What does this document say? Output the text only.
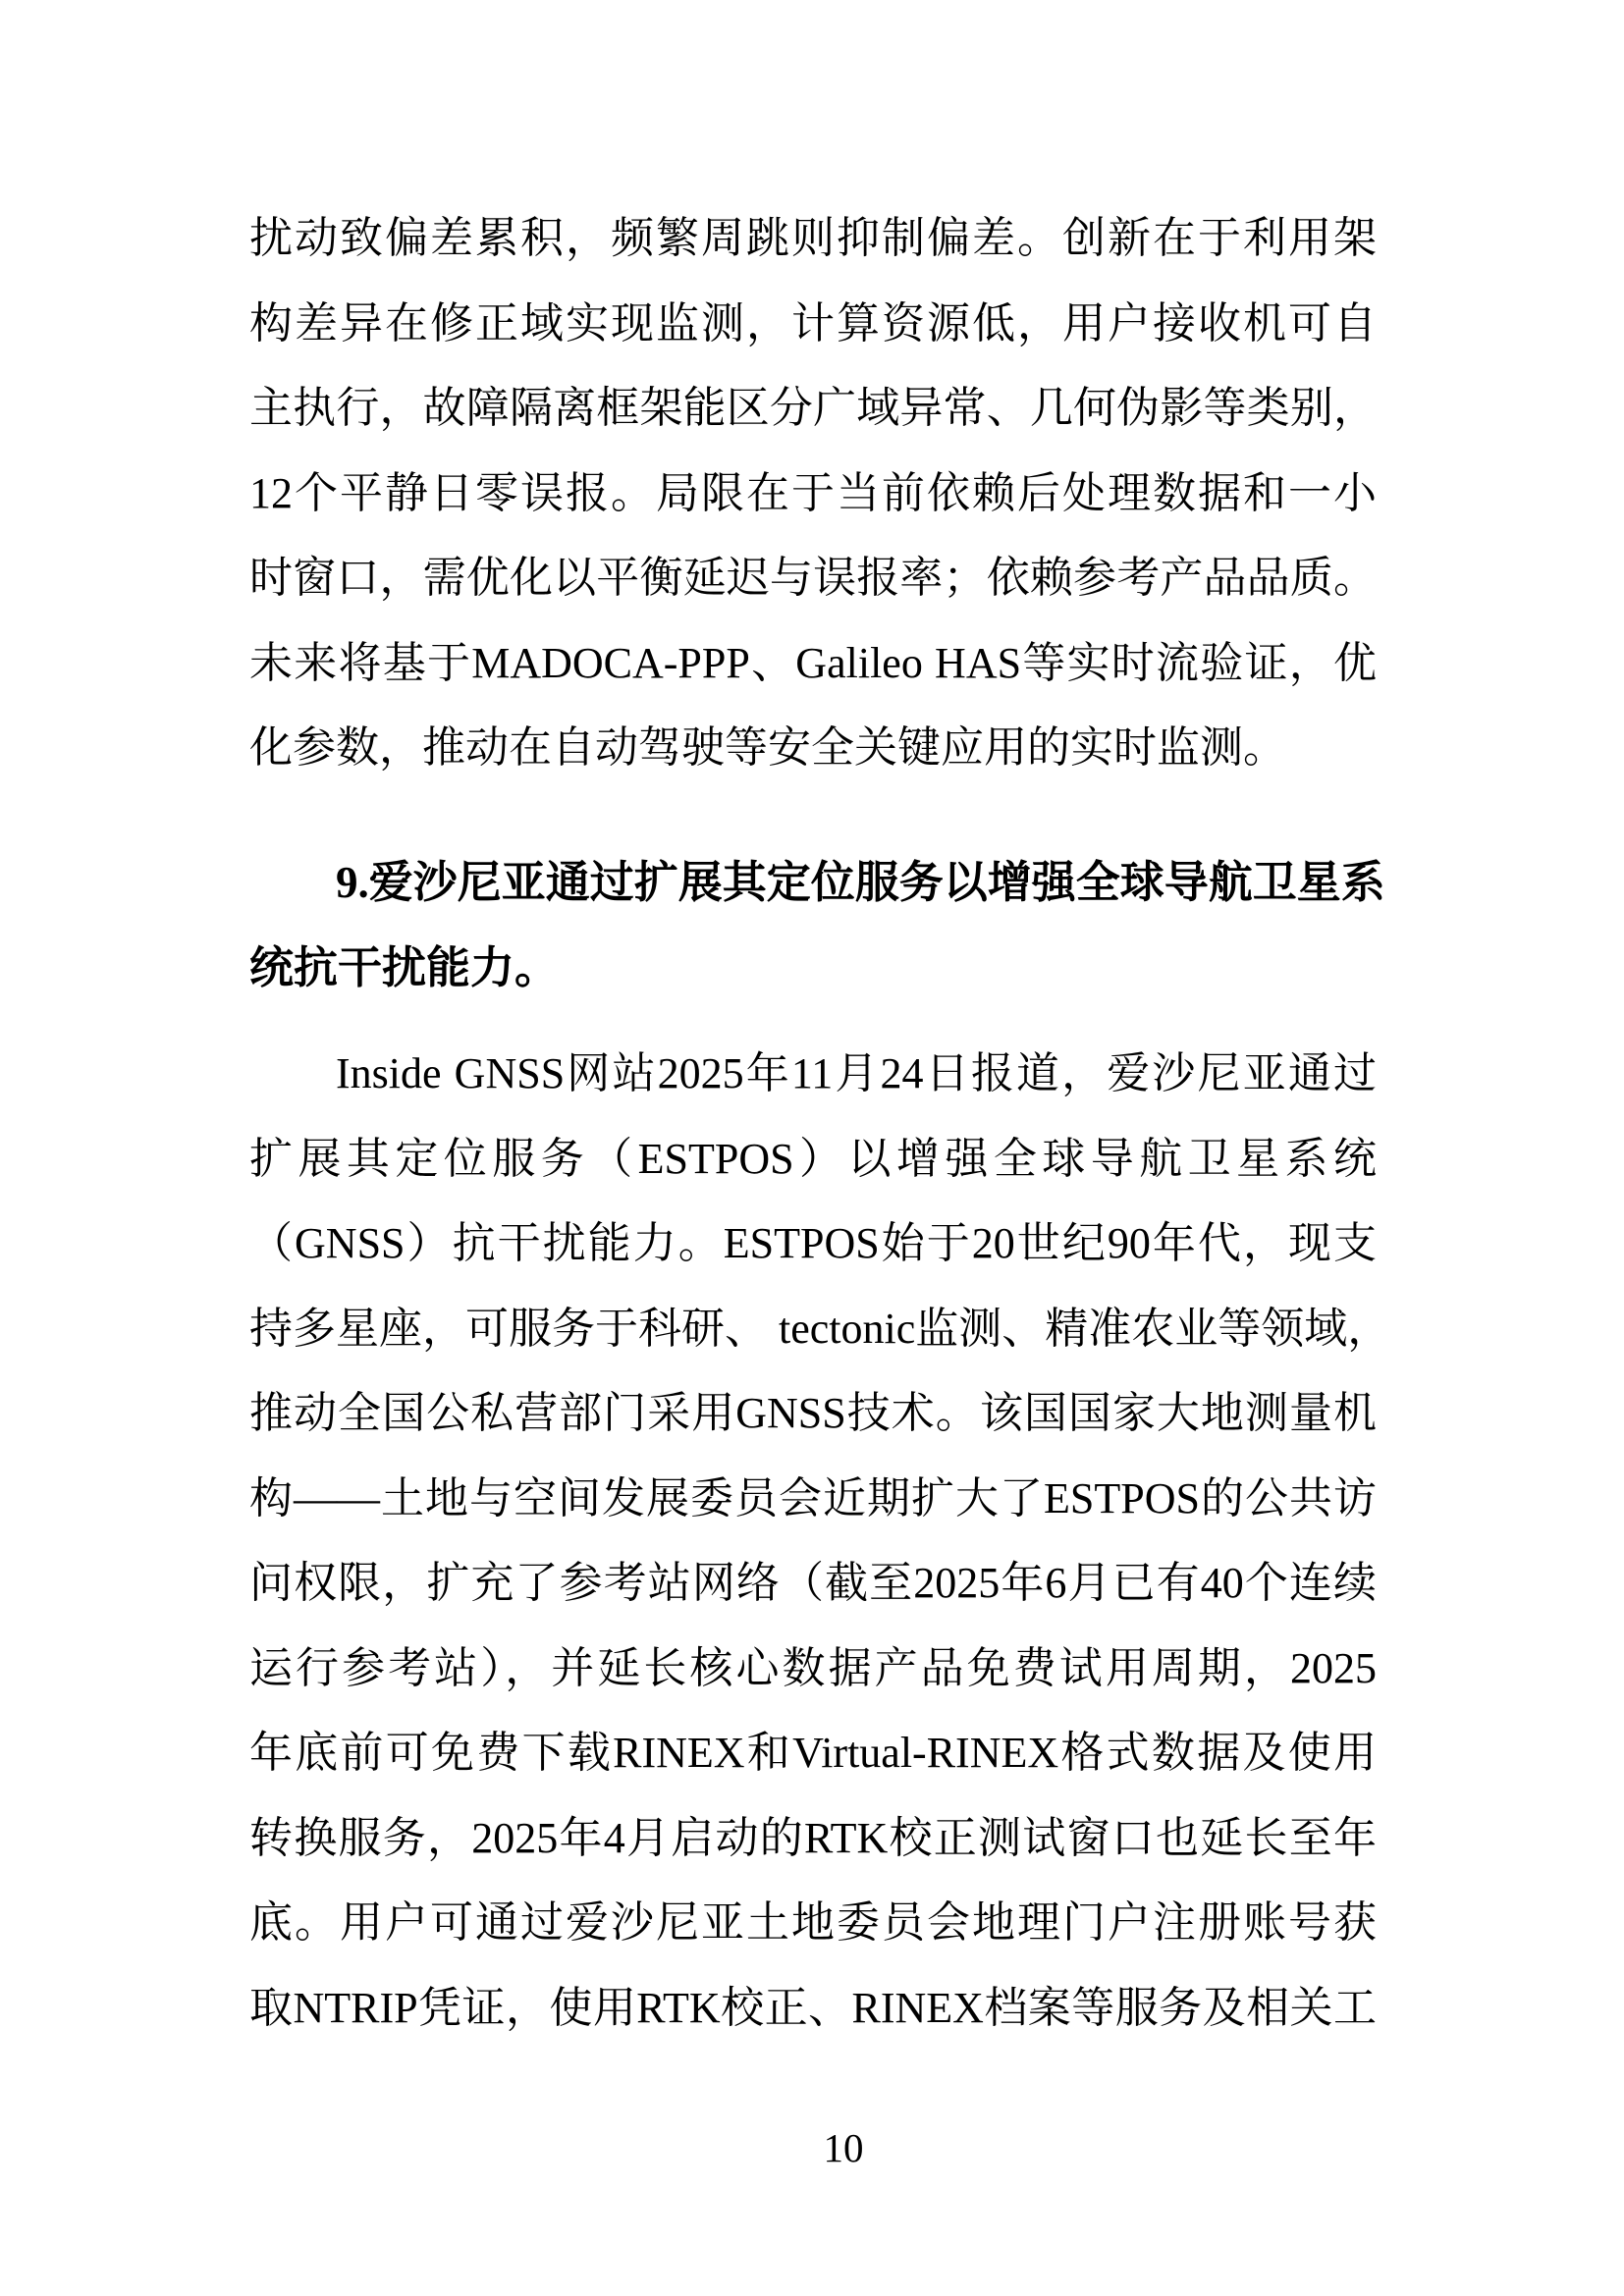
扰动致偏差累积，频繁周跳则抑制偏差。创新在于利用架
构差异在修正域实现监测，计算资源低，用户接收机可自
主执行，故障隔离框架能区分广域异常、几何伪影等类别，
12个平静日零误报。局限在于当前依赖后处理数据和一小
时窗口，需优化以平衡延迟与误报率；依赖参考产品品质。
未来将基于MADOCA-PPP、Galileo HAS等实时流验证，优
化参数，推动在自动驾驶等安全关键应用的实时监测。
9.爱沙尼亚通过扩展其定位服务以增强全球导航卫星系
统抗干扰能力。
Inside GNSS网站2025年11月24日报道，爱沙尼亚通过
扩展其定位服务（ESTPOS）以增强全球导航卫星系统
（GNSS）抗干扰能力。ESTPOS始于20世纪90年代，现支
持多星座，可服务于科研、 tectonic监测、精准农业等领域，
推动全国公私营部门采用GNSS技术。该国国家大地测量机
构——土地与空间发展委员会近期扩大了ESTPOS的公共访
问权限，扩充了参考站网络（截至2025年6月已有40个连续
运行参考站），并延长核心数据产品免费试用周期，2025
年底前可免费下载RINEX和Virtual-RINEX格式数据及使用
转换服务，2025年4月启动的RTK校正测试窗口也延长至年
底。用户可通过爱沙尼亚土地委员会地理门户注册账号获
取NTRIP凭证，使用RTK校正、RINEX档案等服务及相关工
10
